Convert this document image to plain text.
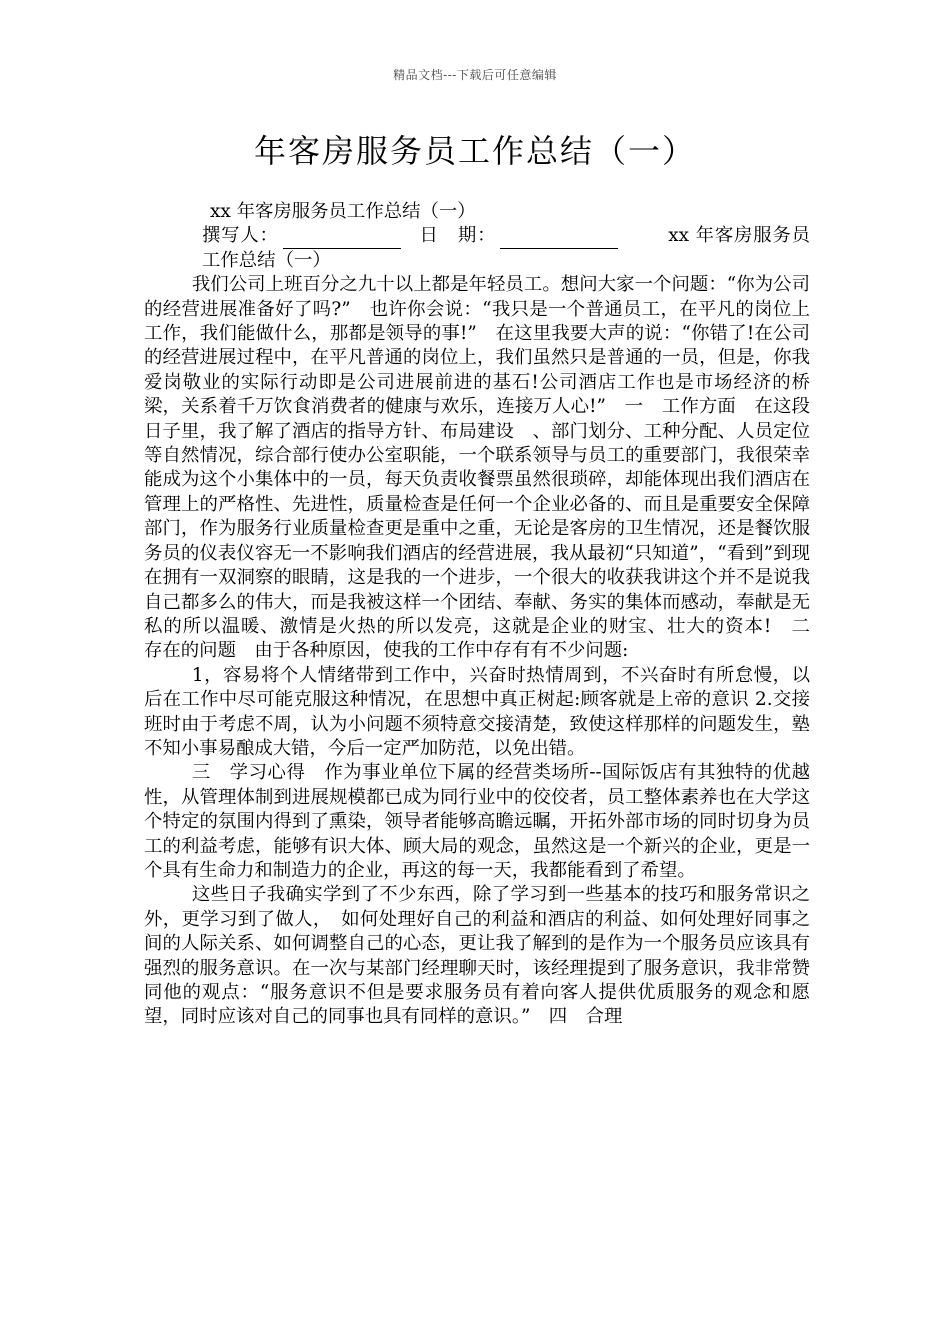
精品文档---下载后可任意编辑
年客房服务员工作总结（一）

xx 年客房服务员工作总结（一）

撰写人：	日　期：	xx 年客房服务员工作总结（一）

我们公司上班百分之九十以上都是年轻员工。想问大家一个问题：“你为公司的经营进展准备好了吗?”　也许你会说：“我只是一个普通员工，在平凡的岗位上工作，我们能做什么，那都是领导的事!”　在这里我要大声的说：“你错了!在公司的经营进展过程中，在平凡普通的岗位上，我们虽然只是普通的一员，但是，你我爱岗敬业的实际行动即是公司进展前进的基石!公司酒店工作也是市场经济的桥梁，关系着千万饮食消费者的健康与欢乐，连接万人心!”　一　工作方面　在这段日子里，我了解了酒店的指导方针、布局建设　、部门划分、工种分配、人员定位等自然情况，综合部行使办公室职能，一个联系领导与员工的重要部门，我很荣幸能成为这个小集体中的一员，每天负责收餐票虽然很琐碎，却能体现出我们酒店在管理上的严格性、先进性，质量检查是任何一个企业必备的、而且是重要安全保障部门，作为服务行业质量检查更是重中之重，无论是客房的卫生情况，还是餐饮服务员的仪表仪容无一不影响我们酒店的经营进展，我从最初“只知道”，“看到”到现在拥有一双洞察的眼睛，这是我的一个进步，一个很大的收获我讲这个并不是说我自己都多么的伟大，而是我被这样一个团结、奉献、务实的集体而感动，奉献是无私的所以温暖、激情是火热的所以发亮，这就是企业的财宝、壮大的资本!　二　存在的问题　由于各种原因，使我的工作中存有有不少问题:

1，容易将个人情绪带到工作中，兴奋时热情周到，不兴奋时有所怠慢，以后在工作中尽可能克服这种情况，在思想中真正树起:顾客就是上帝的意识 2.交接班时由于考虑不周，认为小问题不须特意交接清楚，致使这样那样的问题发生，塾不知小事易酿成大错，今后一定严加防范，以免出错。

三　学习心得　作为事业单位下属的经营类场所--国际饭店有其独特的优越性，从管理体制到进展规模都已成为同行业中的佼佼者，员工整体素养也在大学这个特定的氛围内得到了熏染，领导者能够高瞻远瞩，开拓外部市场的同时切身为员工的利益考虑，能够有识大体、顾大局的观念，虽然这是一个新兴的企业，更是一个具有生命力和制造力的企业，再这的每一天，我都能看到了希望。

这些日子我确实学到了不少东西，除了学习到一些基本的技巧和服务常识之外，更学习到了做人，　如何处理好自己的利益和酒店的利益、如何处理好同事之间的人际关系、如何调整自己的心态，更让我了解到的是作为一个服务员应该具有强烈的服务意识。在一次与某部门经理聊天时，该经理提到了服务意识，我非常赞同他的观点：“服务意识不但是要求服务员有着向客人提供优质服务的观念和愿望，同时应该对自己的同事也具有同样的意识。”　四　合理
